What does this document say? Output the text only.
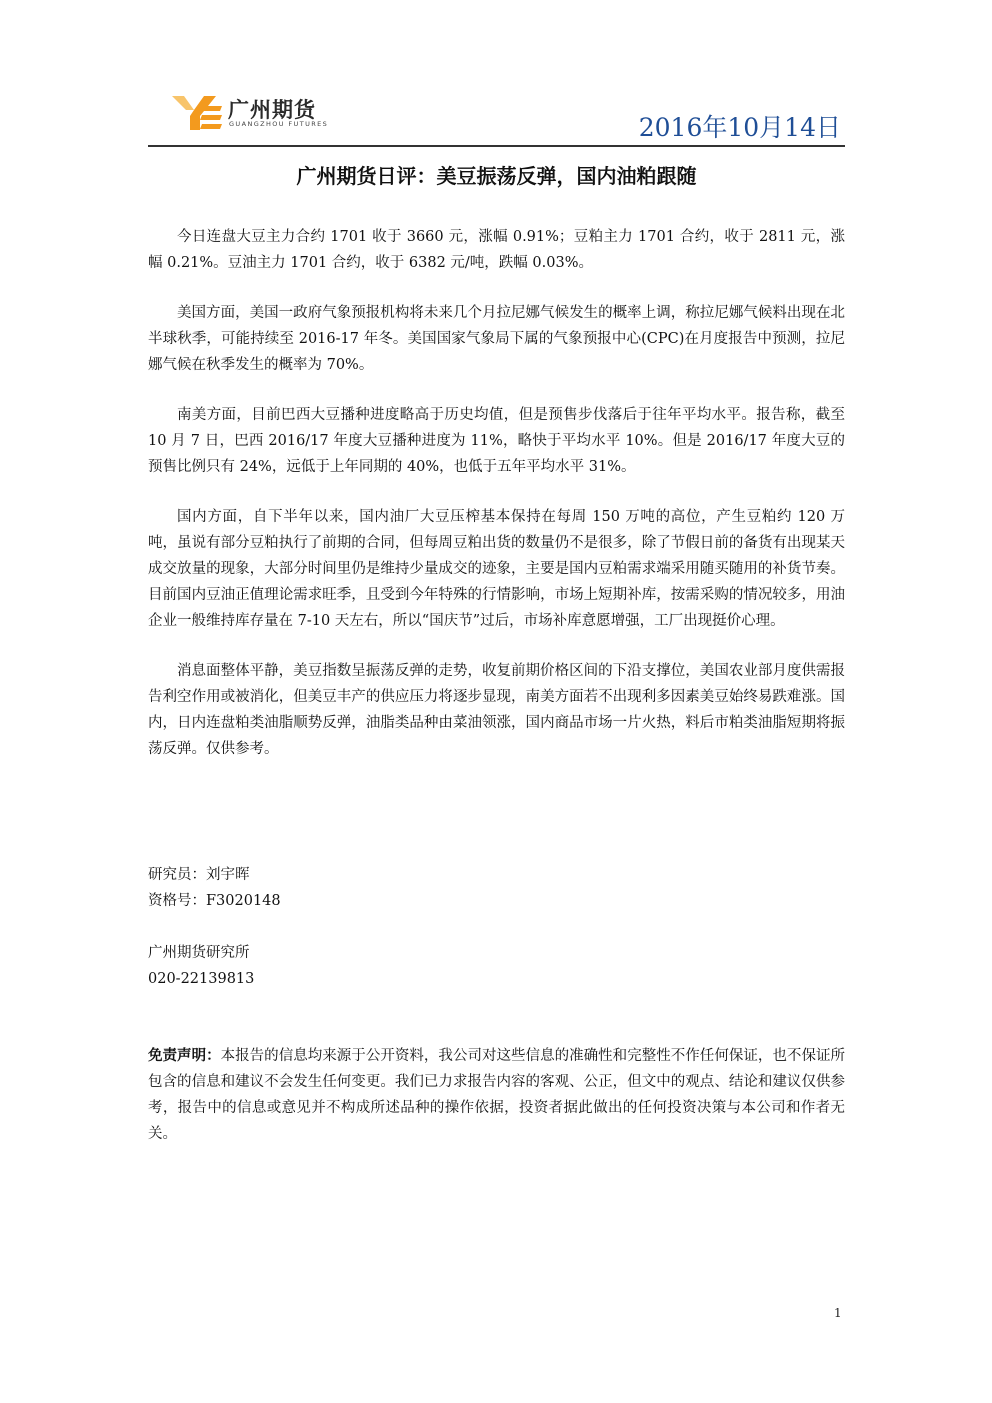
广州期货
GUANGZHOU FUTURES	2016年10月14日
广州期货日评：美豆振荡反弹，国内油粕跟随

今日连盘大豆主力合约 1701 收于 3660 元，涨幅 0.91%；豆粕主力 1701 合约，收于 2811 元，涨幅 0.21%。豆油主力 1701 合约，收于 6382 元/吨，跌幅 0.03%。

美国方面，美国一政府气象预报机构将未来几个月拉尼娜气候发生的概率上调，称拉尼娜气候料出现在北半球秋季，可能持续至 2016-17 年冬。美国国家气象局下属的气象预报中心(CPC)在月度报告中预测，拉尼娜气候在秋季发生的概率为 70%。

南美方面，目前巴西大豆播种进度略高于历史均值，但是预售步伐落后于往年平均水平。报告称，截至 10 月 7 日，巴西 2016/17 年度大豆播种进度为 11%，略快于平均水平 10%。但是 2016/17 年度大豆的预售比例只有 24%，远低于上年同期的 40%，也低于五年平均水平 31%。

国内方面，自下半年以来，国内油厂大豆压榨基本保持在每周 150 万吨的高位，产生豆粕约 120 万吨，虽说有部分豆粕执行了前期的合同，但每周豆粕出货的数量仍不是很多，除了节假日前的备货有出现某天成交放量的现象，大部分时间里仍是维持少量成交的迹象，主要是国内豆粕需求端采用随买随用的补货节奏。目前国内豆油正值理论需求旺季，且受到今年特殊的行情影响，市场上短期补库，按需采购的情况较多，用油企业一般维持库存量在 7-10 天左右，所以“国庆节”过后，市场补库意愿增强，工厂出现挺价心理。

消息面整体平静，美豆指数呈振荡反弹的走势，收复前期价格区间的下沿支撑位，美国农业部月度供需报告利空作用或被消化，但美豆丰产的供应压力将逐步显现，南美方面若不出现利多因素美豆始终易跌难涨。国内，日内连盘粕类油脂顺势反弹，油脂类品种由菜油领涨，国内商品市场一片火热，料后市粕类油脂短期将振荡反弹。仅供参考。

研究员：刘宇晖
资格号：F3020148
广州期货研究所
020-22139813
免责声明：本报告的信息均来源于公开资料，我公司对这些信息的准确性和完整性不作任何保证，也不保证所包含的信息和建议不会发生任何变更。我们已力求报告内容的客观、公正，但文中的观点、结论和建议仅供参考，报告中的信息或意见并不构成所述品种的操作依据，投资者据此做出的任何投资决策与本公司和作者无关。
1
